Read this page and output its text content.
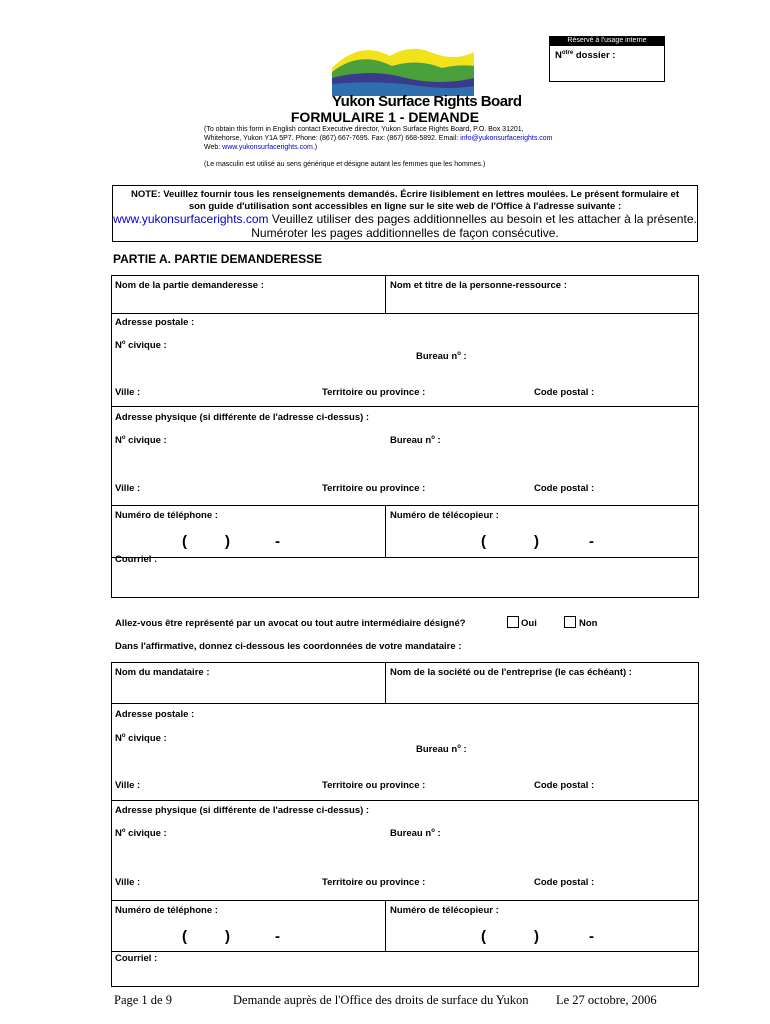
Réservé à l'usage interne
$N^{otre}$ dossier :
Yukon Surface Rights Board
FORMULAIRE 1 - DEMANDE
(To obtain this form in English contact Executive director, Yukon Surface Rights Board, P.O. Box 31201,
Whitehorse, Yukon Y1A 5P7. Phone: (867) 667-7695. Fax: (867) 668-5892. Email: info@yukonsurfacerights.com
Web: www.yukonsurfacerights.com.)
(Le masculin est utilisé au sens générique et désigne autant les femmes que les hommes.)
NOTE: Veuillez fournir tous les renseignements demandés. Écrire lisiblement en lettres moulées. Le présent formulaire et
son guide d'utilisation sont accessibles en ligne sur le site web de l'Office à l'adresse suivante :
www.yukonsurfacerights.com Veuillez utiliser des pages additionnelles au besoin et les attacher à la présente.
Numéroter les pages additionnelles de façon consécutive.
PARTIE A. PARTIE DEMANDERESSE
Nom de la partie demanderesse :	Nom et titre de la personne-ressource :
Adresse postale :
$N^o$ civique :
Bureau $n^o$ :
Ville :	Territoire ou province :	Code postal :
Adresse physique (si différente de l'adresse ci-dessus) :
$N^o$ civique :	Bureau $n^o$ :
Ville :	Territoire ou province :	Code postal :
Numéro de téléphone :	Numéro de télécopieur :
(	)	-	(	)	-
Courriel :
Allez-vous être représenté par un avocat ou tout autre intermédiaire désigné?	Oui	Non
Dans l'affirmative, donnez ci-dessous les coordonnées de votre mandataire :
Nom du mandataire :	Nom de la société ou de l'entreprise (le cas échéant) :
Adresse postale :
$N^o$ civique :
Bureau $n^o$ :
Ville :	Territoire ou province :	Code postal :
Adresse physique (si différente de l'adresse ci-dessus) :
$N^o$ civique :	Bureau $n^o$ :
Ville :	Territoire ou province :	Code postal :
Numéro de téléphone :	Numéro de télécopieur :
(	)	-	(	)	-
Courriel :
Page 1 de 9	Demande auprès de l'Office des droits de surface du Yukon Le 27 octobre, 2006
